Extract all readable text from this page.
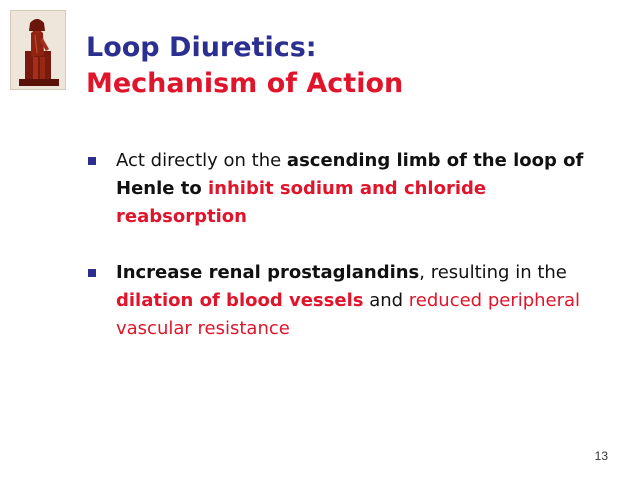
Loop Diuretics:
Mechanism of Action
Act directly on the ascending limb of the loop of Henle to inhibit sodium and chloride reabsorption
Increase renal prostaglandins, resulting in the dilation of blood vessels and reduced peripheral vascular resistance
13
